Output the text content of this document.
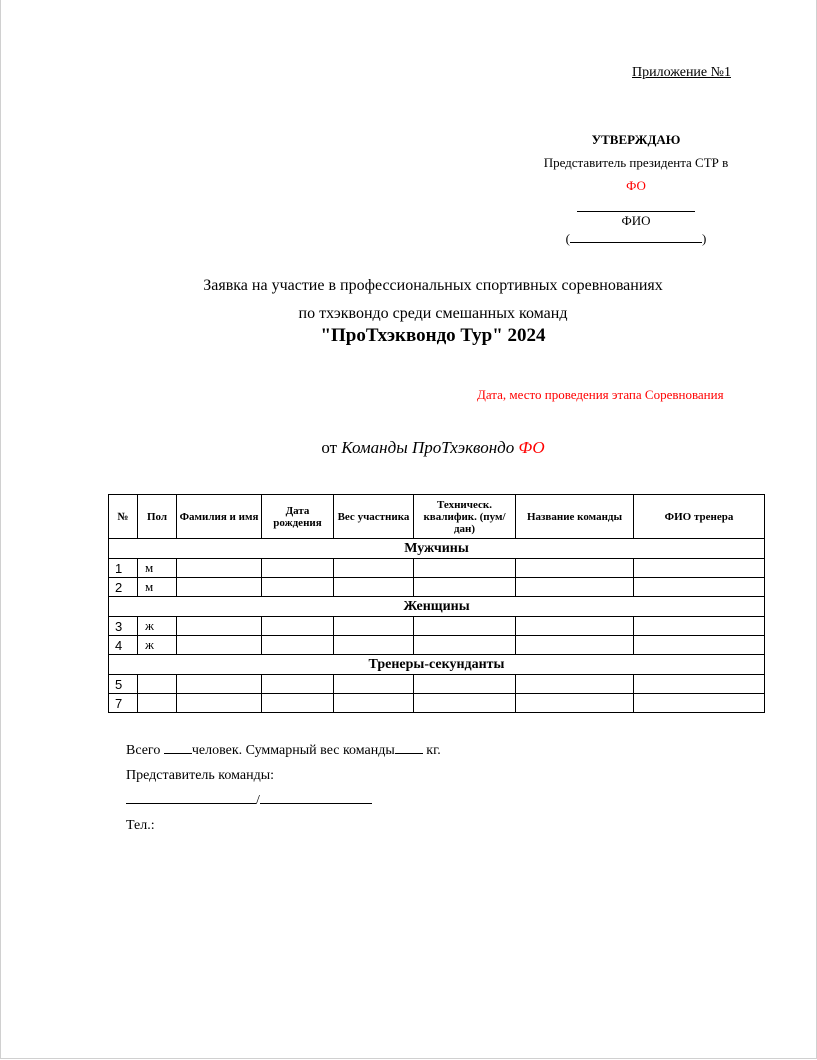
Приложение №1
УТВЕРЖДАЮ
Представитель президента СТР в
ФО
ФИО
(	)
Заявка на участие в профессиональных спортивных соревнованиях
по тхэквондо среди смешанных команд
"ПроТхэквондо Тур" 2024
Дата, место проведения этапа Соревнования
от Команды ПроТхэквондо ФО
№	Пол	Фамилия и имя	Дата рождения	Вес участника	Техническ. квалифик. (пум/дан)	Название команды	ФИО тренера
Мужчины							
1	м						
2	м						
Женщины							
3	ж						
4	ж						
Тренеры-секунданты							
5							
7							
Всего человек. Суммарный вес команды кг.
Представитель команды:
/
Тел.:
